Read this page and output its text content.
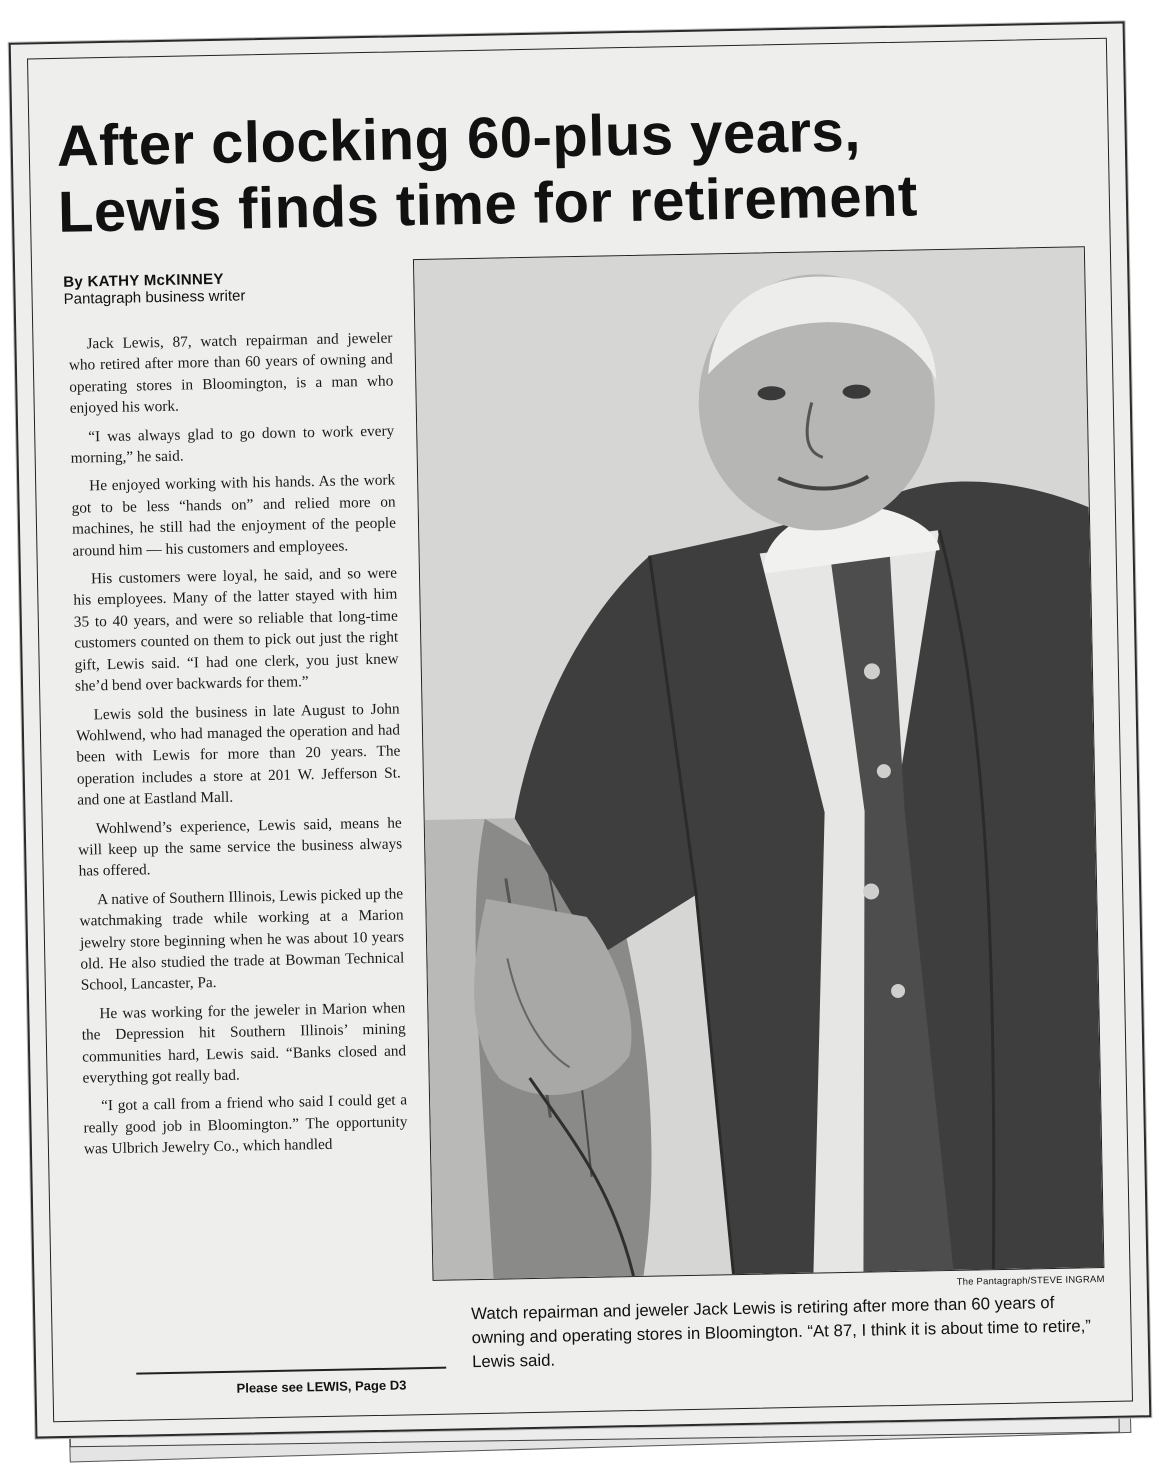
After clocking 60-plus years,
Lewis finds time for retirement
By KATHY McKINNEY
Pantagraph business writer

Jack Lewis, 87, watch repairman and jeweler who retired after more than 60 years of owning and operating stores in Bloomington, is a man who enjoyed his work.

“I was always glad to go down to work every morning,” he said.

He enjoyed working with his hands. As the work got to be less “hands on” and relied more on machines, he still had the enjoyment of the people around him — his customers and employees.

His customers were loyal, he said, and so were his employees. Many of the latter stayed with him 35 to 40 years, and were so reliable that long-time customers counted on them to pick out just the right gift, Lewis said. “I had one clerk, you just knew she’d bend over backwards for them.”

Lewis sold the business in late August to John Wohlwend, who had managed the operation and had been with Lewis for more than 20 years. The operation includes a store at 201 W. Jefferson St. and one at Eastland Mall.

Wohlwend’s experience, Lewis said, means he will keep up the same service the business always has offered.

A native of Southern Illinois, Lewis picked up the watchmaking trade while working at a Marion jewelry store beginning when he was about 10 years old. He also studied the trade at Bowman Technical School, Lancaster, Pa.

He was working for the jeweler in Marion when the Depression hit Southern Illinois’ mining communities hard, Lewis said. “Banks closed and everything got really bad.

“I got a call from a friend who said I could get a really good job in Bloomington.” The opportunity was Ulbrich Jewelry Co., which handled

Please see LEWIS, Page D3
The Pantagraph/STEVE INGRAM
Watch repairman and jeweler Jack Lewis is retiring after more than 60 years of owning and operating stores in Bloomington. “At 87, I think it is about time to retire,” Lewis said.
